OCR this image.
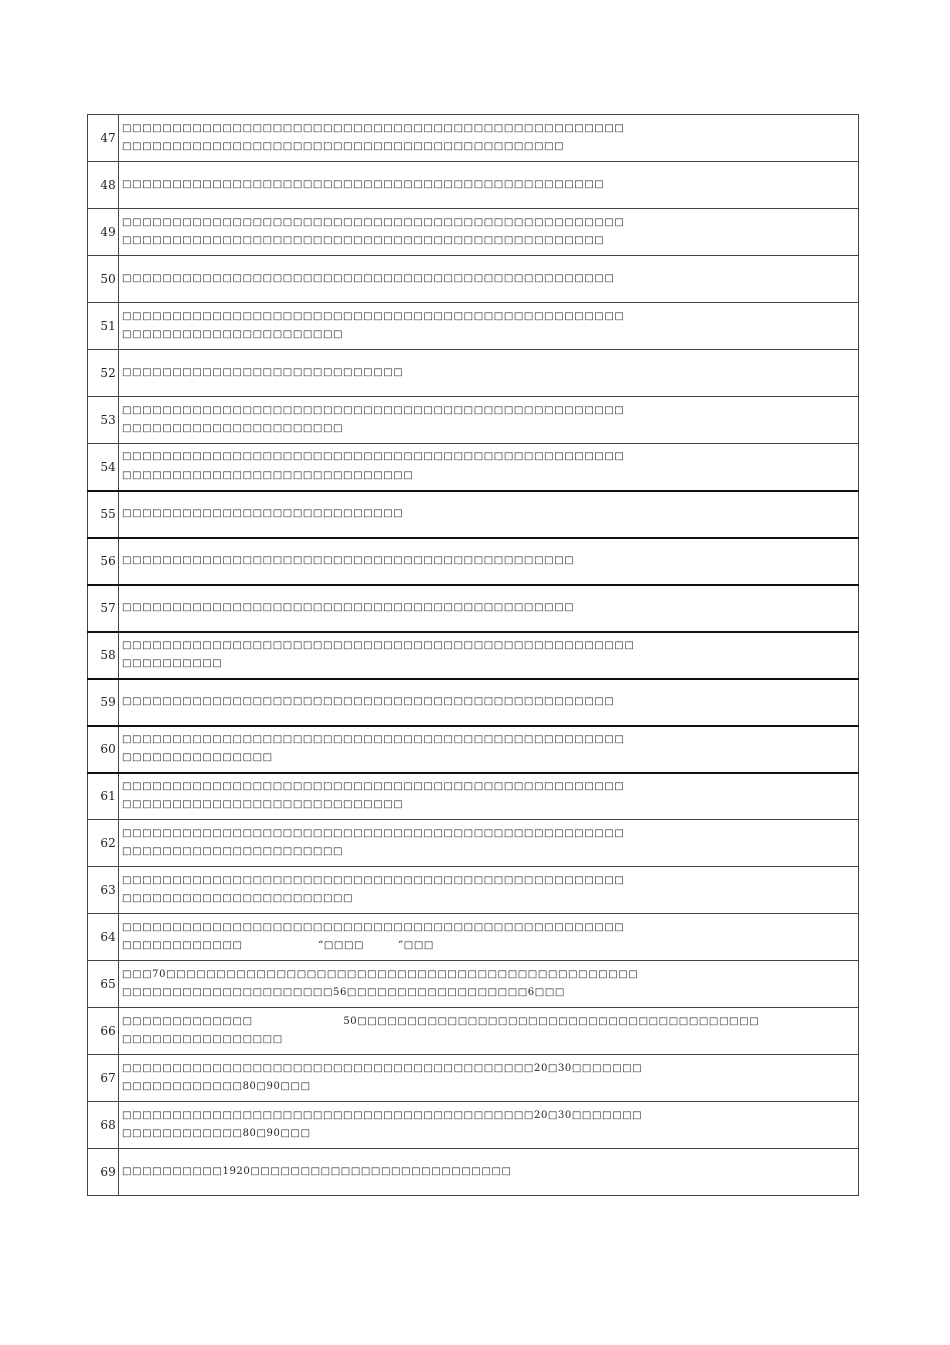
47	□□□□□□□□□□□□□□□□□□□□□□□□□□□□□□□□□□□□□□□□□□□□□□□□□□
□□□□□□□□□□□□□□□□□□□□□□□□□□□□□□□□□□□□□□□□□□□□

48	□□□□□□□□□□□□□□□□□□□□□□□□□□□□□□□□□□□□□□□□□□□□□□□□

49	□□□□□□□□□□□□□□□□□□□□□□□□□□□□□□□□□□□□□□□□□□□□□□□□□□
□□□□□□□□□□□□□□□□□□□□□□□□□□□□□□□□□□□□□□□□□□□□□□□□

50	□□□□□□□□□□□□□□□□□□□□□□□□□□□□□□□□□□□□□□□□□□□□□□□□□

51	□□□□□□□□□□□□□□□□□□□□□□□□□□□□□□□□□□□□□□□□□□□□□□□□□□
□□□□□□□□□□□□□□□□□□□□□□

52	□□□□□□□□□□□□□□□□□□□□□□□□□□□□

53	□□□□□□□□□□□□□□□□□□□□□□□□□□□□□□□□□□□□□□□□□□□□□□□□□□
□□□□□□□□□□□□□□□□□□□□□□

54	□□□□□□□□□□□□□□□□□□□□□□□□□□□□□□□□□□□□□□□□□□□□□□□□□□
□□□□□□□□□□□□□□□□□□□□□□□□□□□□□

55	□□□□□□□□□□□□□□□□□□□□□□□□□□□□

56	□□□□□□□□□□□□□□□□□□□□□□□□□□□□□□□□□□□□□□□□□□□□□

57	□□□□□□□□□□□□□□□□□□□□□□□□□□□□□□□□□□□□□□□□□□□□□

58	□□□□□□□□□□□□□□□□□□□□□□□□□□□□□□□□□□□□□□□□□□□□□□□□□□□
□□□□□□□□□□

59	□□□□□□□□□□□□□□□□□□□□□□□□□□□□□□□□□□□□□□□□□□□□□□□□□

60	□□□□□□□□□□□□□□□□□□□□□□□□□□□□□□□□□□□□□□□□□□□□□□□□□□
□□□□□□□□□□□□□□□

61	□□□□□□□□□□□□□□□□□□□□□□□□□□□□□□□□□□□□□□□□□□□□□□□□□□
□□□□□□□□□□□□□□□□□□□□□□□□□□□□

62	□□□□□□□□□□□□□□□□□□□□□□□□□□□□□□□□□□□□□□□□□□□□□□□□□□
□□□□□□□□□□□□□□□□□□□□□□

63	□□□□□□□□□□□□□□□□□□□□□□□□□□□□□□□□□□□□□□□□□□□□□□□□□□
□□□□□□□□□□□□□□□□□□□□□□□

64	□□□□□□□□□□□□□□□□□□□□□□□□□□□□□□□□□□□□□□□□□□□□□□□□□□
□□□□□□□□□□□□                    “□□□□         ”□□□

65	□□□70□□□□□□□□□□□□□□□□□□□□□□□□□□□□□□□□□□□□□□□□□□□□□□□
□□□□□□□□□□□□□□□□□□□□□56□□□□□□□□□□□□□□□□□□6□□□

66	□□□□□□□□□□□□□                        50□□□□□□□□□□□□□□□□□□□□□□□□□□□□□□□□□□□□□□□□
□□□□□□□□□□□□□□□□

67	□□□□□□□□□□□□□□□□□□□□□□□□□□□□□□□□□□□□□□□□□20□30□□□□□□□
□□□□□□□□□□□□80□90□□□

68	□□□□□□□□□□□□□□□□□□□□□□□□□□□□□□□□□□□□□□□□□20□30□□□□□□□
□□□□□□□□□□□□80□90□□□

69	□□□□□□□□□□1920□□□□□□□□□□□□□□□□□□□□□□□□□□
